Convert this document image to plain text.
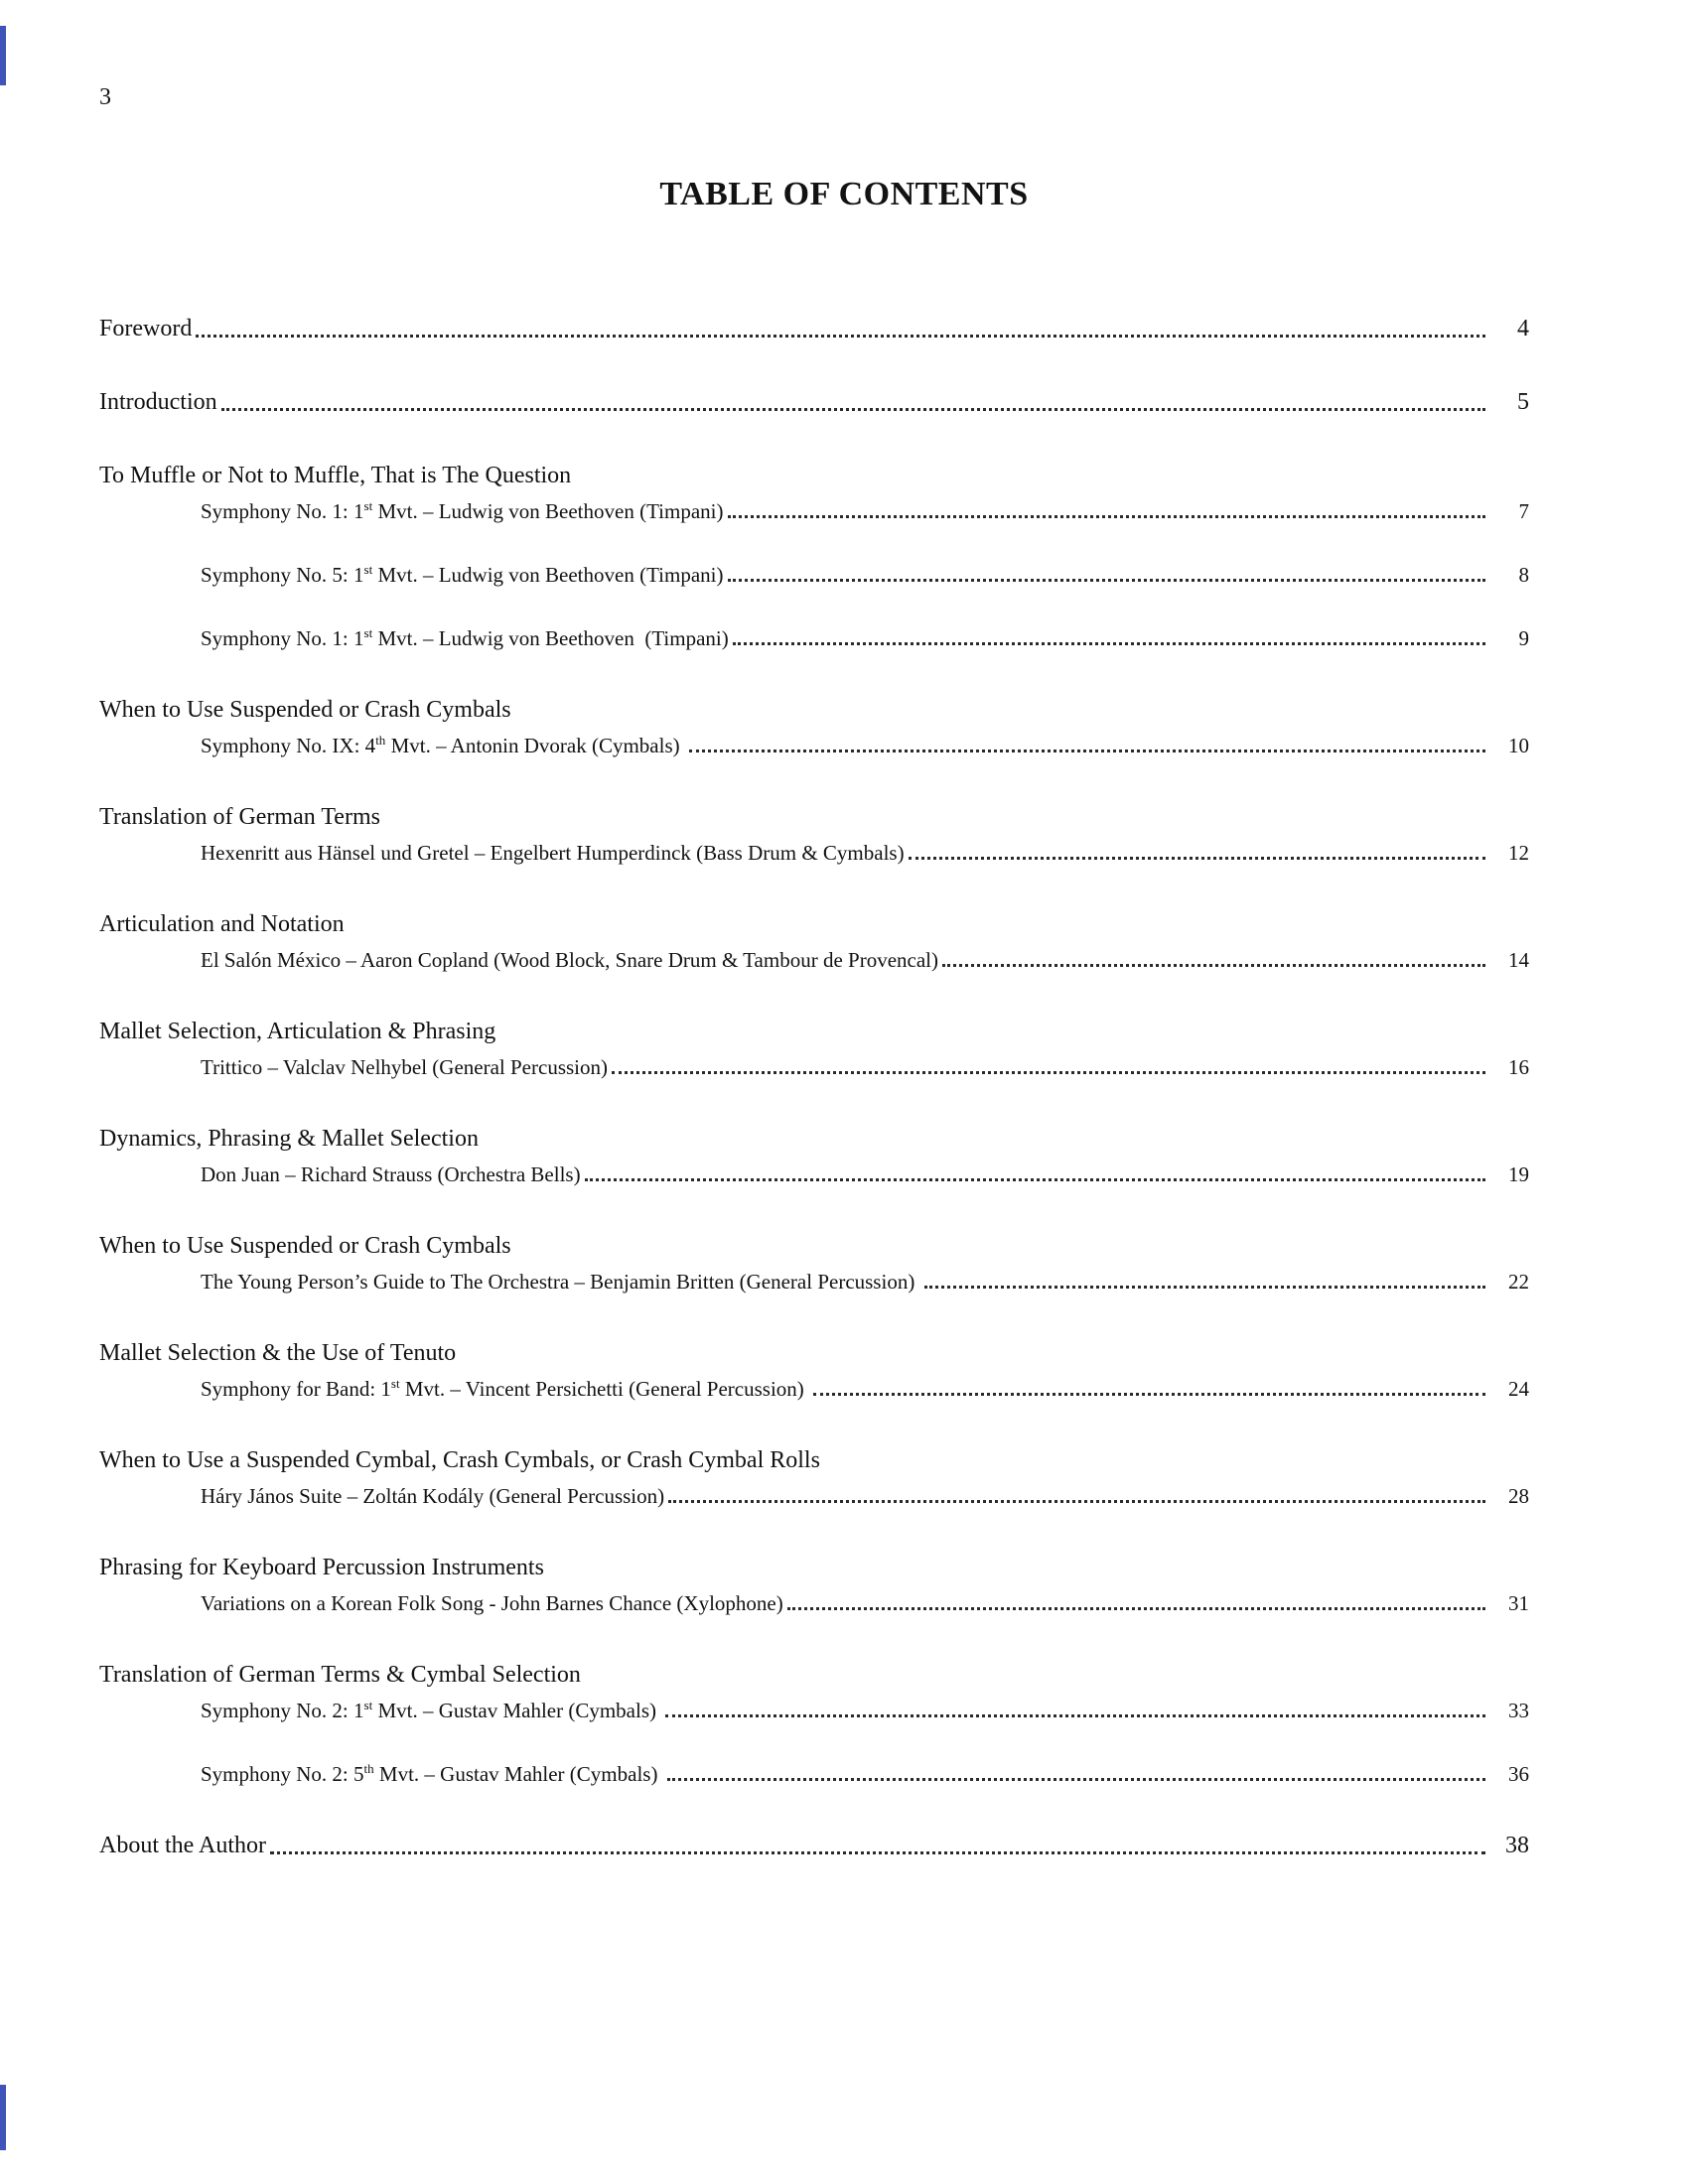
3
TABLE OF CONTENTS
Foreword	4
Introduction	5
To Muffle or Not to Muffle, That is The Question
Symphony No. 1: 1st Mvt. – Ludwig von Beethoven (Timpani)	7
Symphony No. 5: 1st Mvt. – Ludwig von Beethoven (Timpani)	8
Symphony No. 1: 1st Mvt. – Ludwig von Beethoven  (Timpani)	9
When to Use Suspended or Crash Cymbals
Symphony No. IX: 4th Mvt. – Antonin Dvorak (Cymbals)	10
Translation of German Terms
Hexenritt aus Hänsel und Gretel – Engelbert Humperdinck (Bass Drum & Cymbals)	12
Articulation and Notation
El Salón México – Aaron Copland (Wood Block, Snare Drum & Tambour de Provencal)	14
Mallet Selection, Articulation & Phrasing
Trittico – Valclav Nelhybel (General Percussion)	16
Dynamics, Phrasing & Mallet Selection
Don Juan – Richard Strauss (Orchestra Bells)	19
When to Use Suspended or Crash Cymbals
The Young Person’s Guide to The Orchestra – Benjamin Britten (General Percussion)	22
Mallet Selection & the Use of Tenuto
Symphony for Band: 1st Mvt. – Vincent Persichetti (General Percussion)	24
When to Use a Suspended Cymbal, Crash Cymbals, or Crash Cymbal Rolls
Háry János Suite – Zoltán Kodály (General Percussion)	28
Phrasing for Keyboard Percussion Instruments
Variations on a Korean Folk Song - John Barnes Chance (Xylophone)	31
Translation of German Terms & Cymbal Selection
Symphony No. 2: 1st Mvt. – Gustav Mahler (Cymbals)	33
Symphony No. 2: 5th Mvt. – Gustav Mahler (Cymbals)	36
About the Author	38
